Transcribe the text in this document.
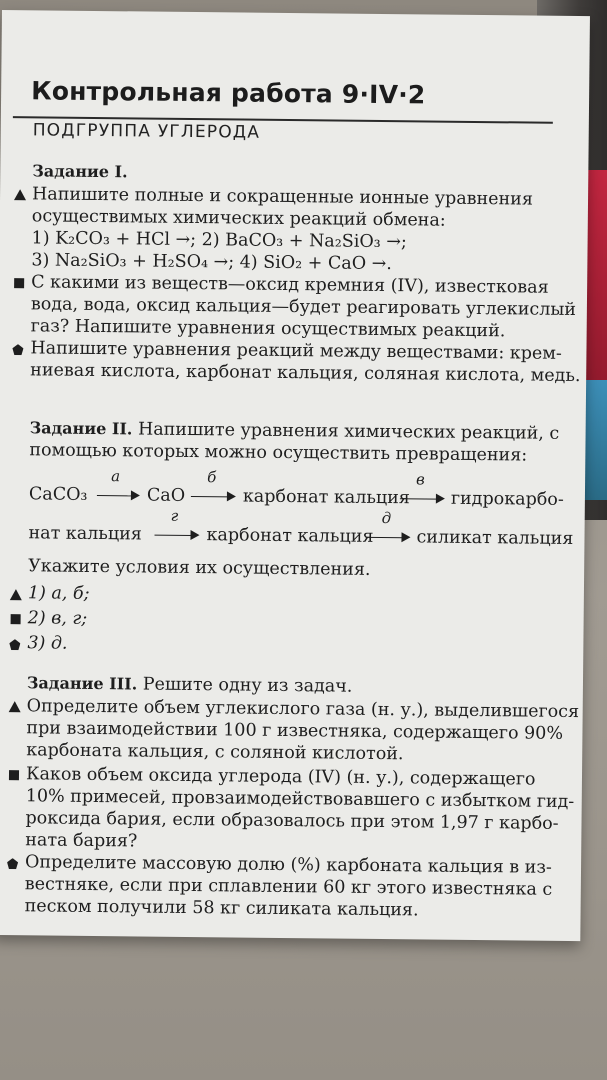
Контрольная работа 9·IV·2
ПОДГРУППА УГЛЕРОДА
Задание I.
Напишите полные и сокращенные ионные уравнения
осуществимых химических реакций обмена:
1) K₂CO₃ + HCl →; 2) BaCO₃ + Na₂SiO₃ →;
3) Na₂SiO₃ + H₂SO₄ →; 4) SiO₂ + CaO →.
С какими из веществ—оксид кремния (IV), известковая
вода, вода, оксид кальция—будет реагировать углекислый
газ? Напишите уравнения осуществимых реакций.
Напишите уравнения реакций между веществами: крем-
ниевая кислота, карбонат кальция, соляная кислота, медь.
Задание II. Напишите уравнения химических реакций, с
помощью которых можно осуществить превращения:
CaCO₃
а
CaO
б
карбонат кальция
в
гидрокарбо-
нат кальция
г
карбонат кальция
д
силикат кальция
Укажите условия их осуществления.
1) а, б;
2) в, г;
3) д.
Задание III. Решите одну из задач.
Определите объем углекислого газа (н. у.), выделившегося
при взаимодействии 100 г известняка, содержащего 90%
карбоната кальция, с соляной кислотой.
Каков объем оксида углерода (IV) (н. у.), содержащего
10% примесей, провзаимодействовавшего с избытком гид-
роксида бария, если образовалось при этом 1,97 г карбо-
ната бария?
Определите массовую долю (%) карбоната кальция в из-
вестняке, если при сплавлении 60 кг этого известняка с
песком получили 58 кг силиката кальция.
